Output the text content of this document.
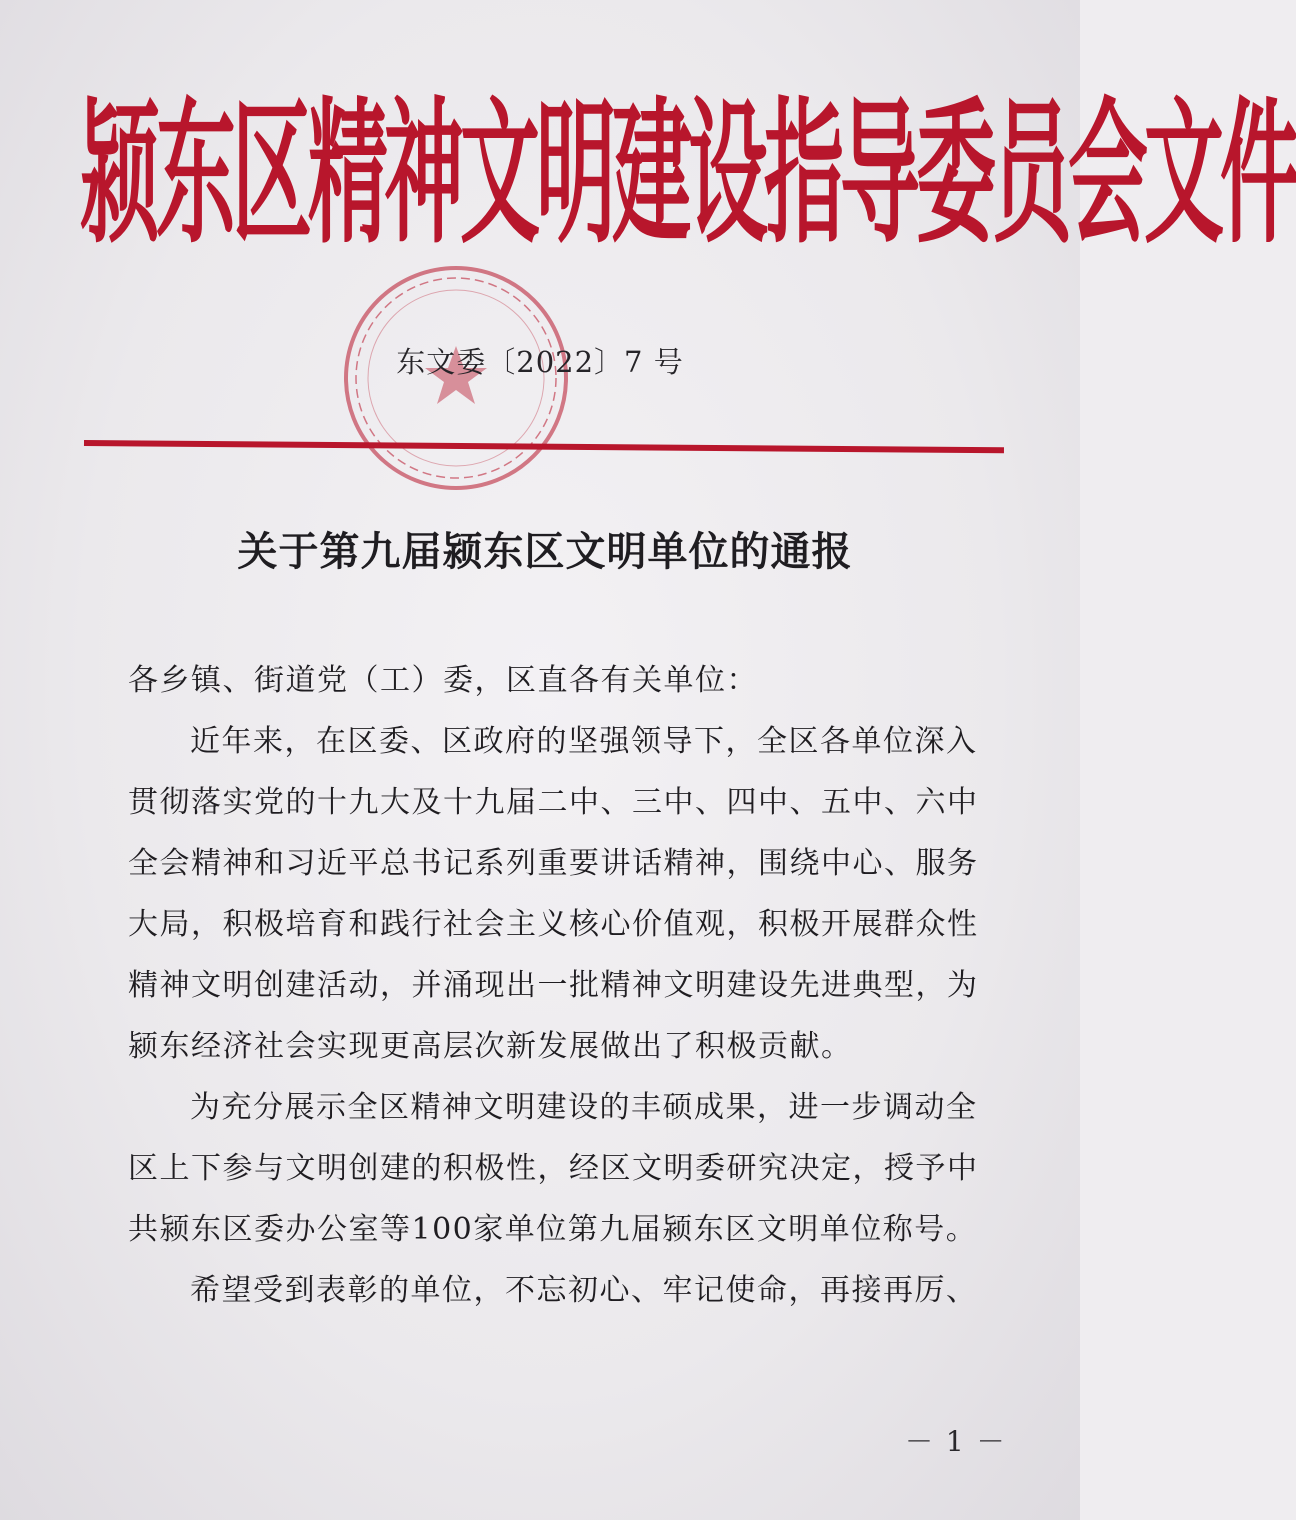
颍东区精神文明建设指导委员会文件
东文委〔2022〕7 号
关于第九届颍东区文明单位的通报

各乡镇、街道党（工）委，区直各有关单位：

近年来，在区委、区政府的坚强领导下，全区各单位深入贯彻落实党的十九大及十九届二中、三中、四中、五中、六中全会精神和习近平总书记系列重要讲话精神，围绕中心、服务大局，积极培育和践行社会主义核心价值观，积极开展群众性精神文明创建活动，并涌现出一批精神文明建设先进典型，为颍东经济社会实现更高层次新发展做出了积极贡献。

为充分展示全区精神文明建设的丰硕成果，进一步调动全区上下参与文明创建的积极性，经区文明委研究决定，授予中共颍东区委办公室等100家单位第九届颍东区文明单位称号。

希望受到表彰的单位，不忘初心、牢记使命，再接再厉、

－ 1 －
